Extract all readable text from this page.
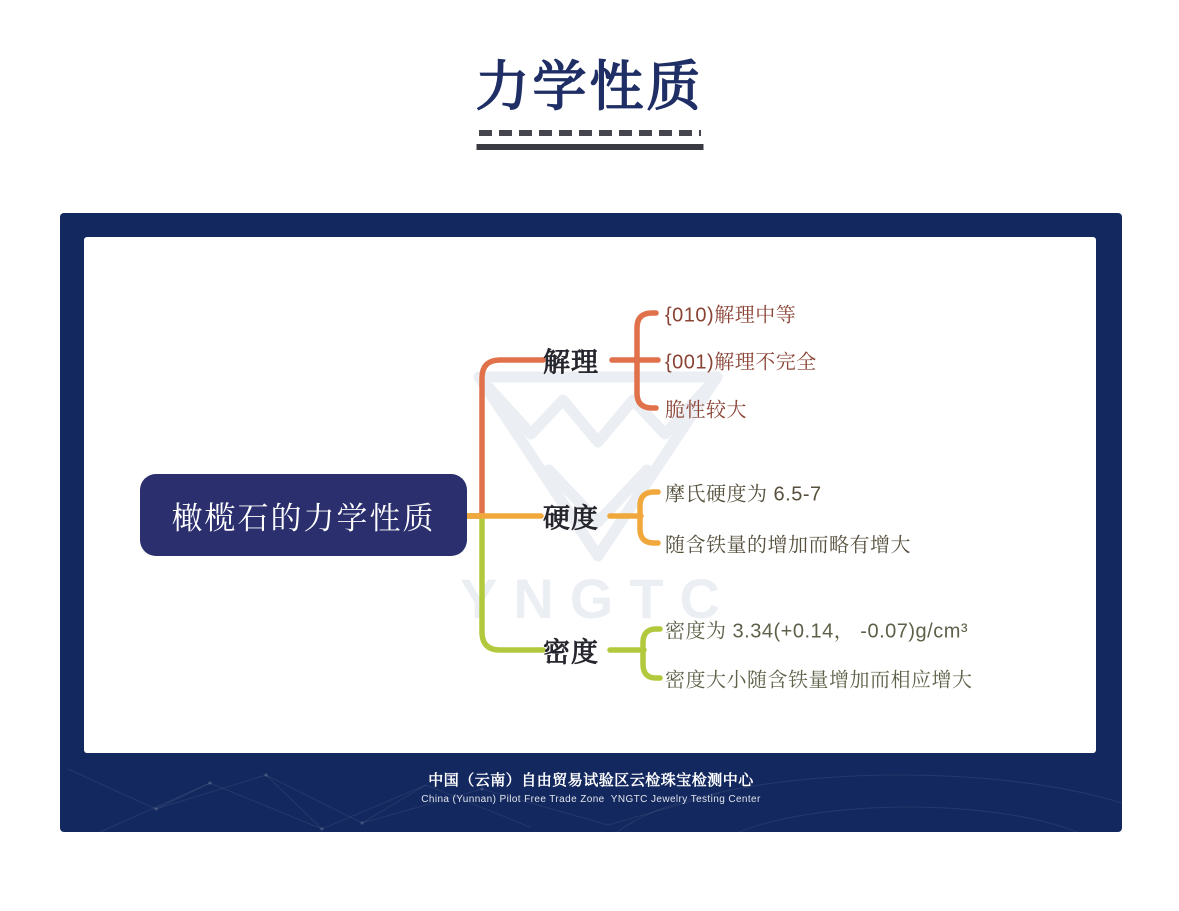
力学性质
YNGTC
橄榄石的力学性质
解理
硬度
密度
{010)解理中等
{001)解理不完全
脆性较大
摩氏硬度为 6.5-7
随含铁量的增加而略有增大
密度为 3.34(+0.14， -0.07)g/cm³
密度大小随含铁量增加而相应增大
中国（云南）自由贸易试验区云检珠宝检测中心
China (Yunnan) Pilot Free Trade Zone  YNGTC Jewelry Testing Center
